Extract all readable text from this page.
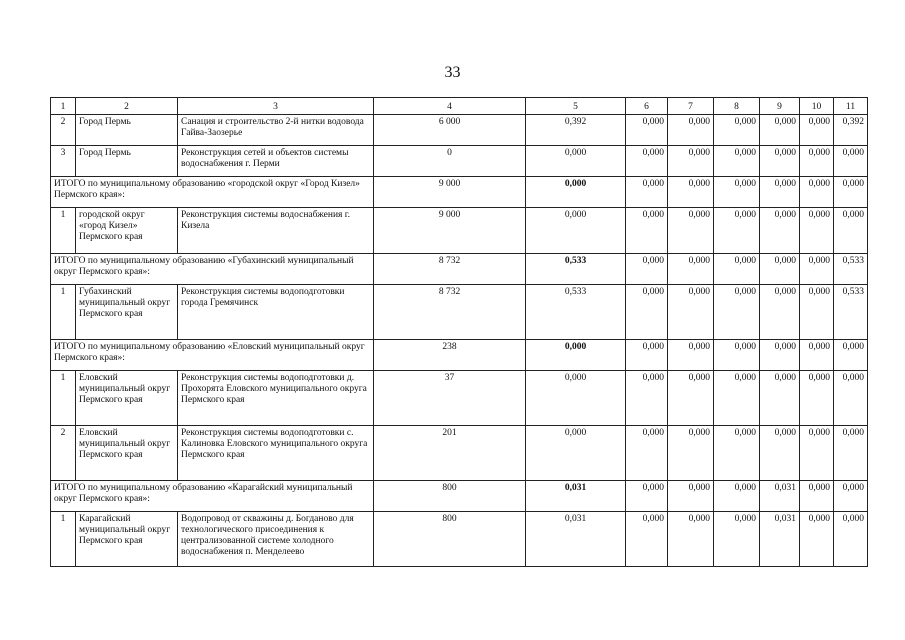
33
1	2	3	4	5	6	7	8	9	10	11
2	Город Пермь	Санация и строительство 2-й нитки водовода Гайва-Заозерье	6 000	0,392	0,000	0,000	0,000	0,000	0,000	0,392
3	Город Пермь	Реконструкция сетей и объектов системы водоснабжения г. Перми	0	0,000	0,000	0,000	0,000	0,000	0,000	0,000
ИТОГО по муниципальному образованию «городской округ «Город Кизел» Пермского края»:			9 000	0,000	0,000	0,000	0,000	0,000	0,000	0,000
1	городской округ «город Кизел» Пермского края	Реконструкция системы водоснабжения г. Кизела	9 000	0,000	0,000	0,000	0,000	0,000	0,000	0,000
ИТОГО по муниципальному образованию «Губахинский муниципальный округ Пермского края»:			8 732	0,533	0,000	0,000	0,000	0,000	0,000	0,533
1	Губахинский муниципальный округ Пермского края	Реконструкция системы водоподготовки города Гремячинск	8 732	0,533	0,000	0,000	0,000	0,000	0,000	0,533
ИТОГО по муниципальному образованию «Еловский муниципальный округ Пермского края»:			238	0,000	0,000	0,000	0,000	0,000	0,000	0,000
1	Еловский муниципальный округ Пермского края	Реконструкция системы водоподготовки д. Прохорята Еловского муниципального округа Пермского края	37	0,000	0,000	0,000	0,000	0,000	0,000	0,000
2	Еловский муниципальный округ Пермского края	Реконструкция системы водоподготовки с. Калиновка Еловского муниципального округа Пермского края	201	0,000	0,000	0,000	0,000	0,000	0,000	0,000
ИТОГО по муниципальному образованию «Карагайский муниципальный округ Пермского края»:			800	0,031	0,000	0,000	0,000	0,031	0,000	0,000
1	Карагайский муниципальный округ Пермского края	Водопровод от скважины д. Богданово для технологического присоединения к централизованной системе холодного водоснабжения п. Менделеево	800	0,031	0,000	0,000	0,000	0,031	0,000	0,000
